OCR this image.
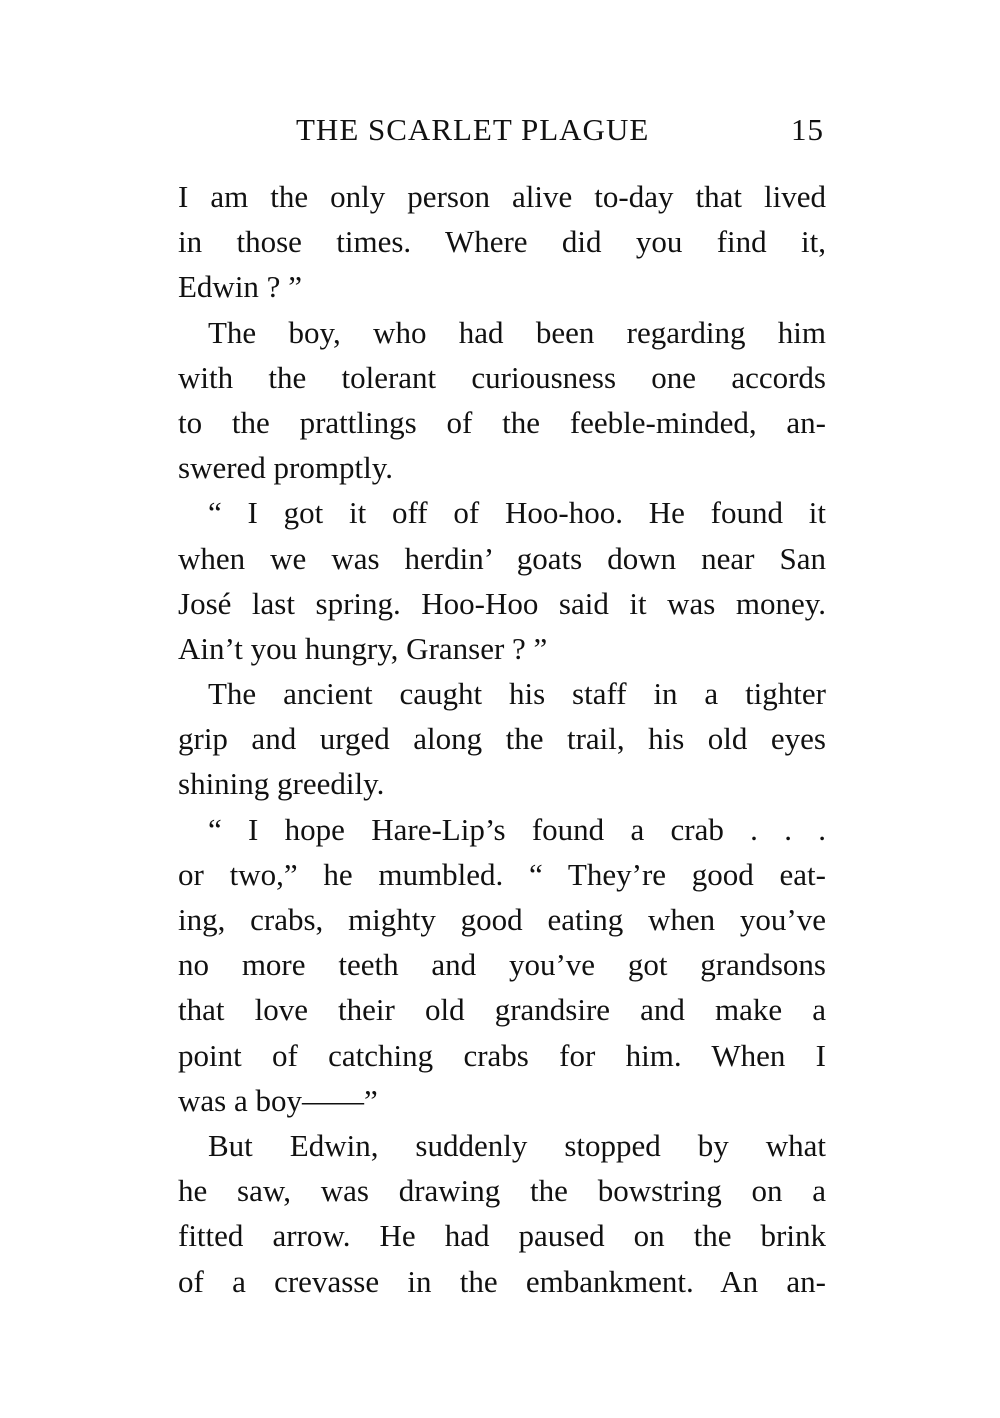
THE SCARLET PLAGUE	15
I am the only person alive to-day that lived
in those times. Where did you find it,
Edwin ? ”
The boy, who had been regarding him
with the tolerant curiousness one accords
to the prattlings of the feeble-minded, an-
swered promptly.
“ I got it off of Hoo-hoo. He found it
when we was herdin’ goats down near San
José last spring. Hoo-Hoo said it was money.
Ain’t you hungry, Granser ? ”
The ancient caught his staff in a tighter
grip and urged along the trail, his old eyes
shining greedily.
“ I hope Hare-Lip’s found a crab . . .
or two,” he mumbled. “ They’re good eat-
ing, crabs, mighty good eating when you’ve
no more teeth and you’ve got grandsons
that love their old grandsire and make a
point of catching crabs for him. When I
was a boy——”
But Edwin, suddenly stopped by what
he saw, was drawing the bowstring on a
fitted arrow. He had paused on the brink
of a crevasse in the embankment. An an-
